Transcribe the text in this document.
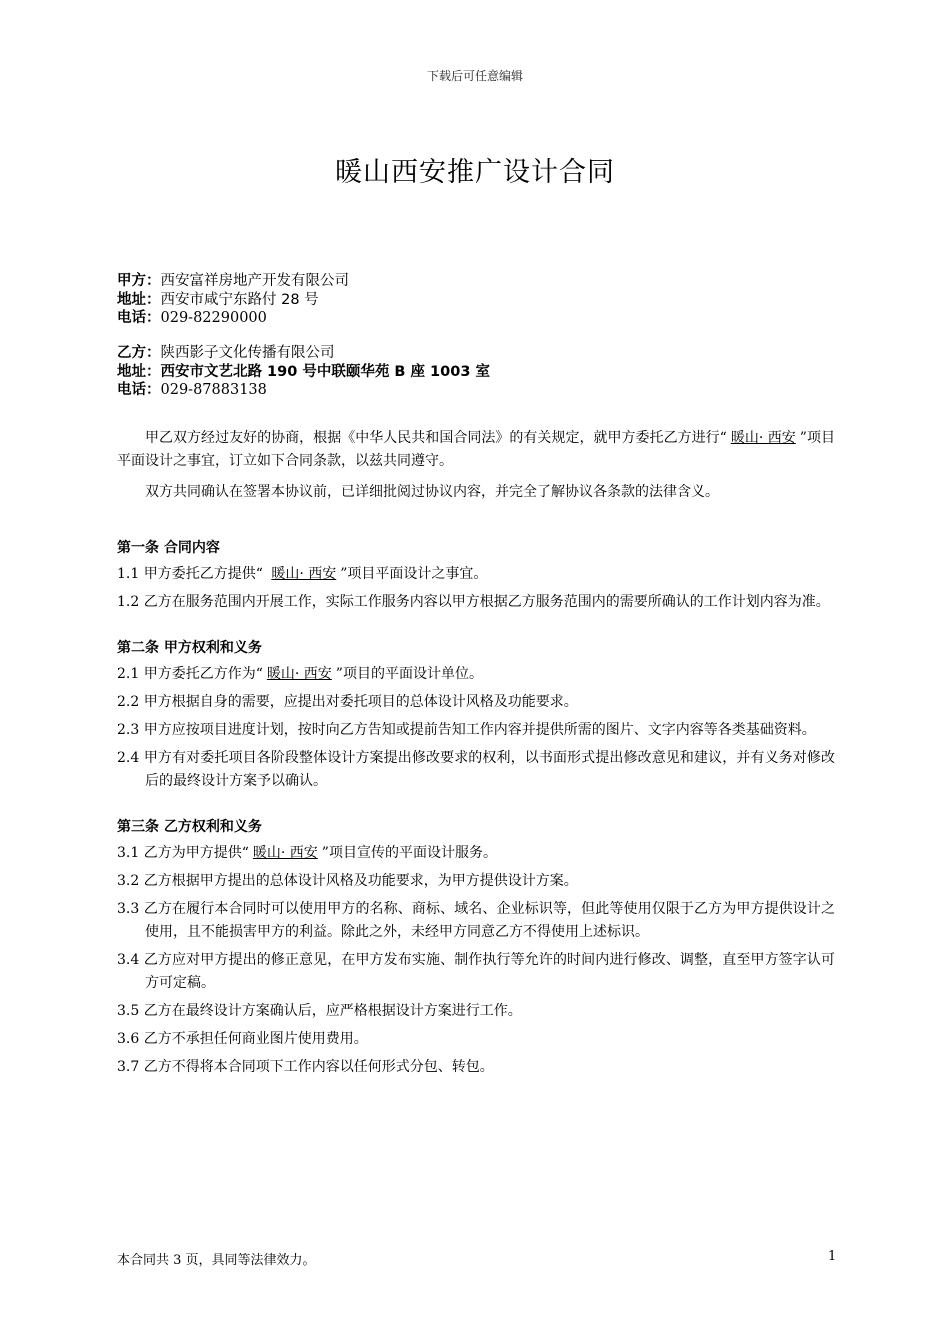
下载后可任意编辑
暖山西安推广设计合同
甲方：西安富祥房地产开发有限公司
地址：西安市咸宁东路付 28 号
电话：029-82290000
乙方：陕西影子文化传播有限公司
地址：西安市文艺北路 190 号中联颐华苑 B 座 1003 室
电话：029-87883138

甲乙双方经过友好的协商，根据《中华人民共和国合同法》的有关规定，就甲方委托乙方进行“ 暖山· 西安 ”项目平面设计之事宜，订立如下合同条款，以兹共同遵守。

双方共同确认在签署本协议前，已详细批阅过协议内容，并完全了解协议各条款的法律含义。

第一条 合同内容
1.1 甲方委托乙方提供“ 暖山· 西安 ”项目平面设计之事宜。
1.2 乙方在服务范围内开展工作，实际工作服务内容以甲方根据乙方服务范围内的需要所确认的工作计划内容为准。
第二条 甲方权利和义务
2.1 甲方委托乙方作为“ 暖山· 西安 ”项目的平面设计单位。
2.2 甲方根据自身的需要，应提出对委托项目的总体设计风格及功能要求。
2.3 甲方应按项目进度计划，按时向乙方告知或提前告知工作内容并提供所需的图片、文字内容等各类基础资料。
2.4 甲方有对委托项目各阶段整体设计方案提出修改要求的权利，以书面形式提出修改意见和建议，并有义务对修改后的最终设计方案予以确认。
第三条 乙方权利和义务
3.1 乙方为甲方提供“ 暖山· 西安 ”项目宣传的平面设计服务。
3.2 乙方根据甲方提出的总体设计风格及功能要求，为甲方提供设计方案。
3.3 乙方在履行本合同时可以使用甲方的名称、商标、域名、企业标识等，但此等使用仅限于乙方为甲方提供设计之使用，且不能损害甲方的利益。除此之外，未经甲方同意乙方不得使用上述标识。
3.4 乙方应对甲方提出的修正意见，在甲方发布实施、制作执行等允许的时间内进行修改、调整，直至甲方签字认可方可定稿。
3.5 乙方在最终设计方案确认后，应严格根据设计方案进行工作。
3.6 乙方不承担任何商业图片使用费用。
3.7 乙方不得将本合同项下工作内容以任何形式分包、转包。
本合同共 3 页，具同等法律效力。	1
